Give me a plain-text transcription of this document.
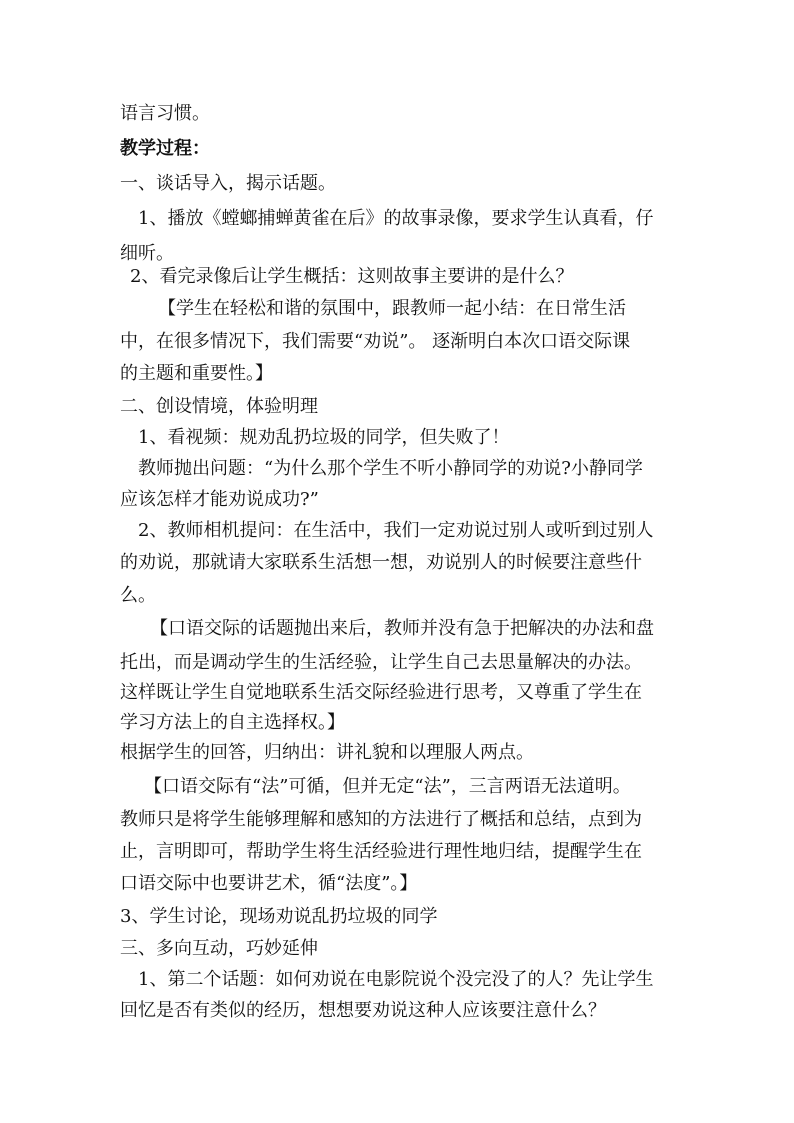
语言习惯。
教学过程：
一、谈话导入，揭示话题。
1、播放《螳螂捕蝉黄雀在后》的故事录像，要求学生认真看，仔
细听。
2、看完录像后让学生概括：这则故事主要讲的是什么？
【学生在轻松和谐的氛围中，跟教师一起小结：在日常生活
中，在很多情况下，我们需要“劝说”。 逐渐明白本次口语交际课
的主题和重要性。】
二、创设情境，体验明理
1、看视频：规劝乱扔垃圾的同学，但失败了！
教师抛出问题：“为什么那个学生不听小静同学的劝说?小静同学
应该怎样才能劝说成功?”
2、教师相机提问：在生活中，我们一定劝说过别人或听到过别人
的劝说，那就请大家联系生活想一想，劝说别人的时候要注意些什
么。
【口语交际的话题抛出来后，教师并没有急于把解决的办法和盘
托出，而是调动学生的生活经验，让学生自己去思量解决的办法。
这样既让学生自觉地联系生活交际经验进行思考，又尊重了学生在
学习方法上的自主选择权。】
根据学生的回答，归纳出：讲礼貌和以理服人两点。
【口语交际有“法”可循，但并无定“法”，三言两语无法道明。
教师只是将学生能够理解和感知的方法进行了概括和总结，点到为
止，言明即可，帮助学生将生活经验进行理性地归结，提醒学生在
口语交际中也要讲艺术，循“法度”。】
3、学生讨论，现场劝说乱扔垃圾的同学
三、多向互动，巧妙延伸
1、第二个话题：如何劝说在电影院说个没完没了的人？先让学生
回忆是否有类似的经历，想想要劝说这种人应该要注意什么？
